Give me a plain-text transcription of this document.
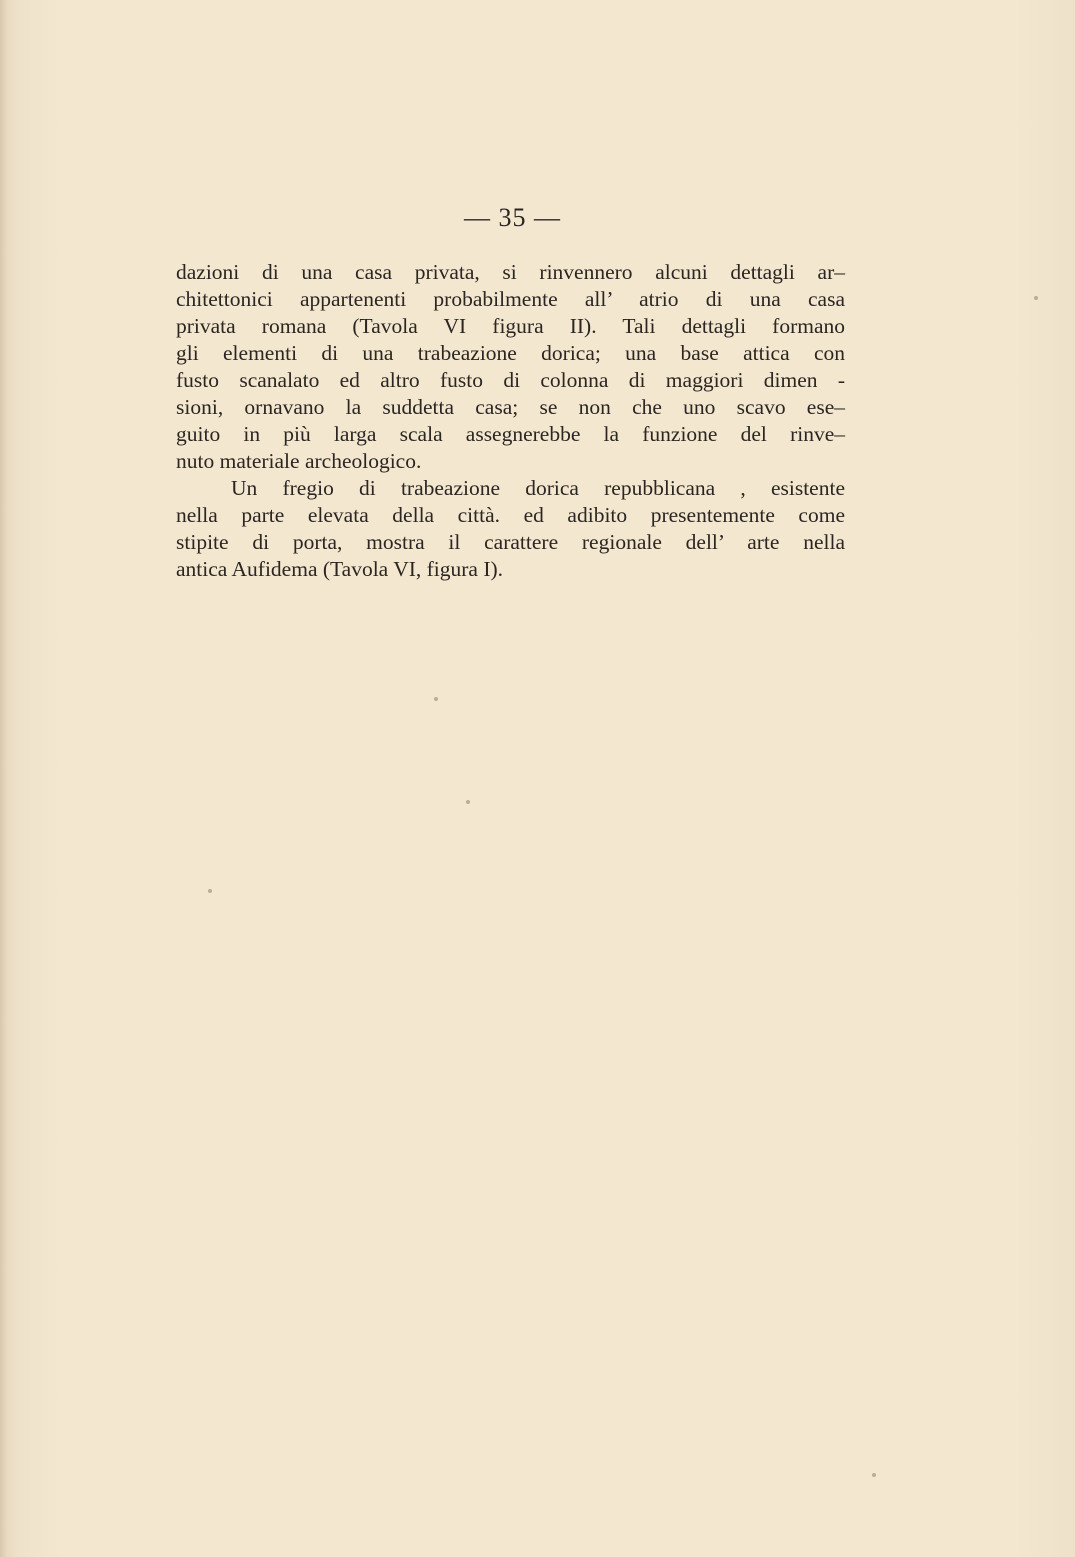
— 35 —
dazioni di una casa privata, si rinvennero alcuni dettagli ar–
chitettonici appartenenti probabilmente all’ atrio di una casa
privata romana (Tavola VI figura II). Tali dettagli formano
gli elementi di una trabeazione dorica; una base attica con
fusto scanalato ed altro fusto di colonna di maggiori dimen -
sioni, ornavano la suddetta casa; se non che uno scavo ese–
guito in più larga scala assegnerebbe la funzione del rinve–
nuto materiale archeologico.
Un fregio di trabeazione dorica repubblicana , esistente
nella parte elevata della città. ed adibito presentemente come
stipite di porta, mostra il carattere regionale dell’ arte nella
antica Aufidema (Tavola VI, figura I).
